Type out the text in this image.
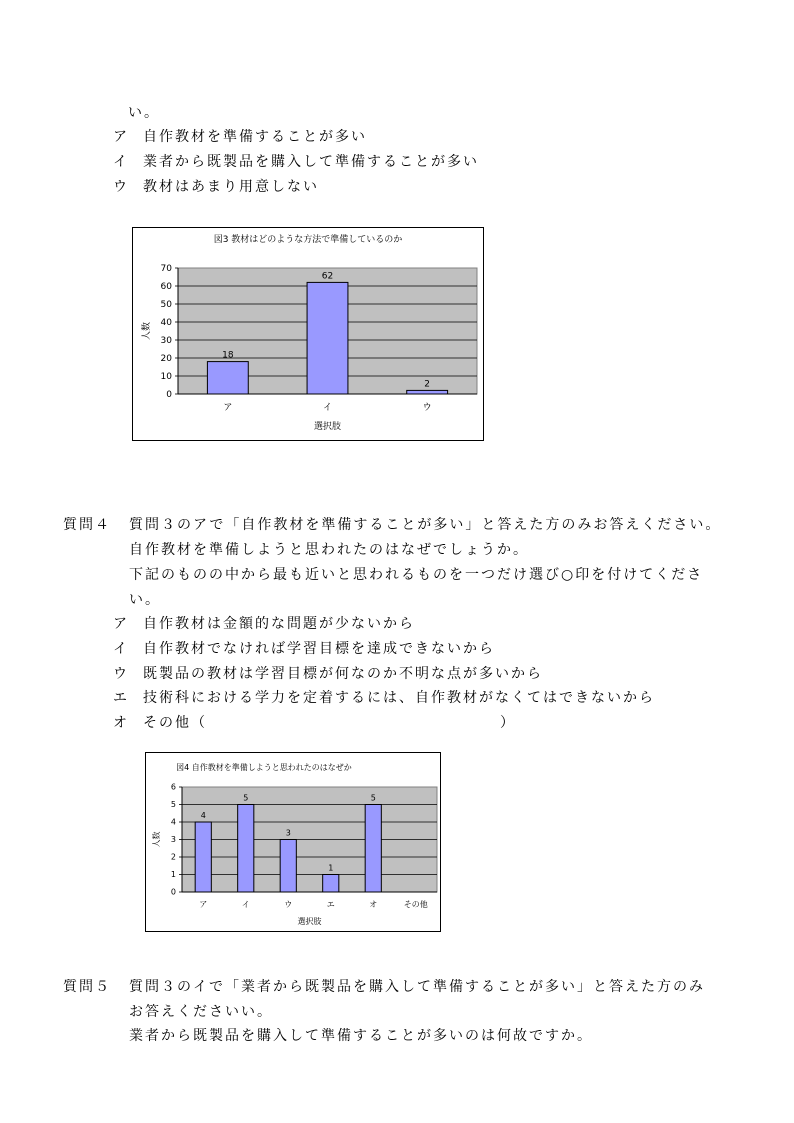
い。
ア 自作教材を準備することが多い
イ 業者から既製品を購入して準備することが多い
ウ 教材はあまり用意しない
図3 教材はどのような方法で準備しているのか
0
10
20
30
40
50
60
70
18
ア
62
イ
2
ウ
選択肢
人数
質問４ 質問３のアで「自作教材を準備することが多い」と答えた方のみお答えください。
自作教材を準備しようと思われたのはなぜでしょうか。
下記のものの中から最も近いと思われるものを一つだけ選び○印を付けてくださ
い。
ア 自作教材は金額的な問題が少ないから
イ 自作教材でなければ学習目標を達成できないから
ウ 既製品の教材は学習目標が何なのか不明な点が多いから
エ 技術科における学力を定着するには、自作教材がなくてはできないから
オ その他（	）
図4 自作教材を準備しようと思われたのはなぜか
0
1
2
3
4
5
6
4
ア
5
イ
3
ウ
1
エ
5
オ	その他
選択肢
人数
質問５ 質問３のイで「業者から既製品を購入して準備することが多い」と答えた方のみ
お答えくださいい。
業者から既製品を購入して準備することが多いのは何故ですか。
